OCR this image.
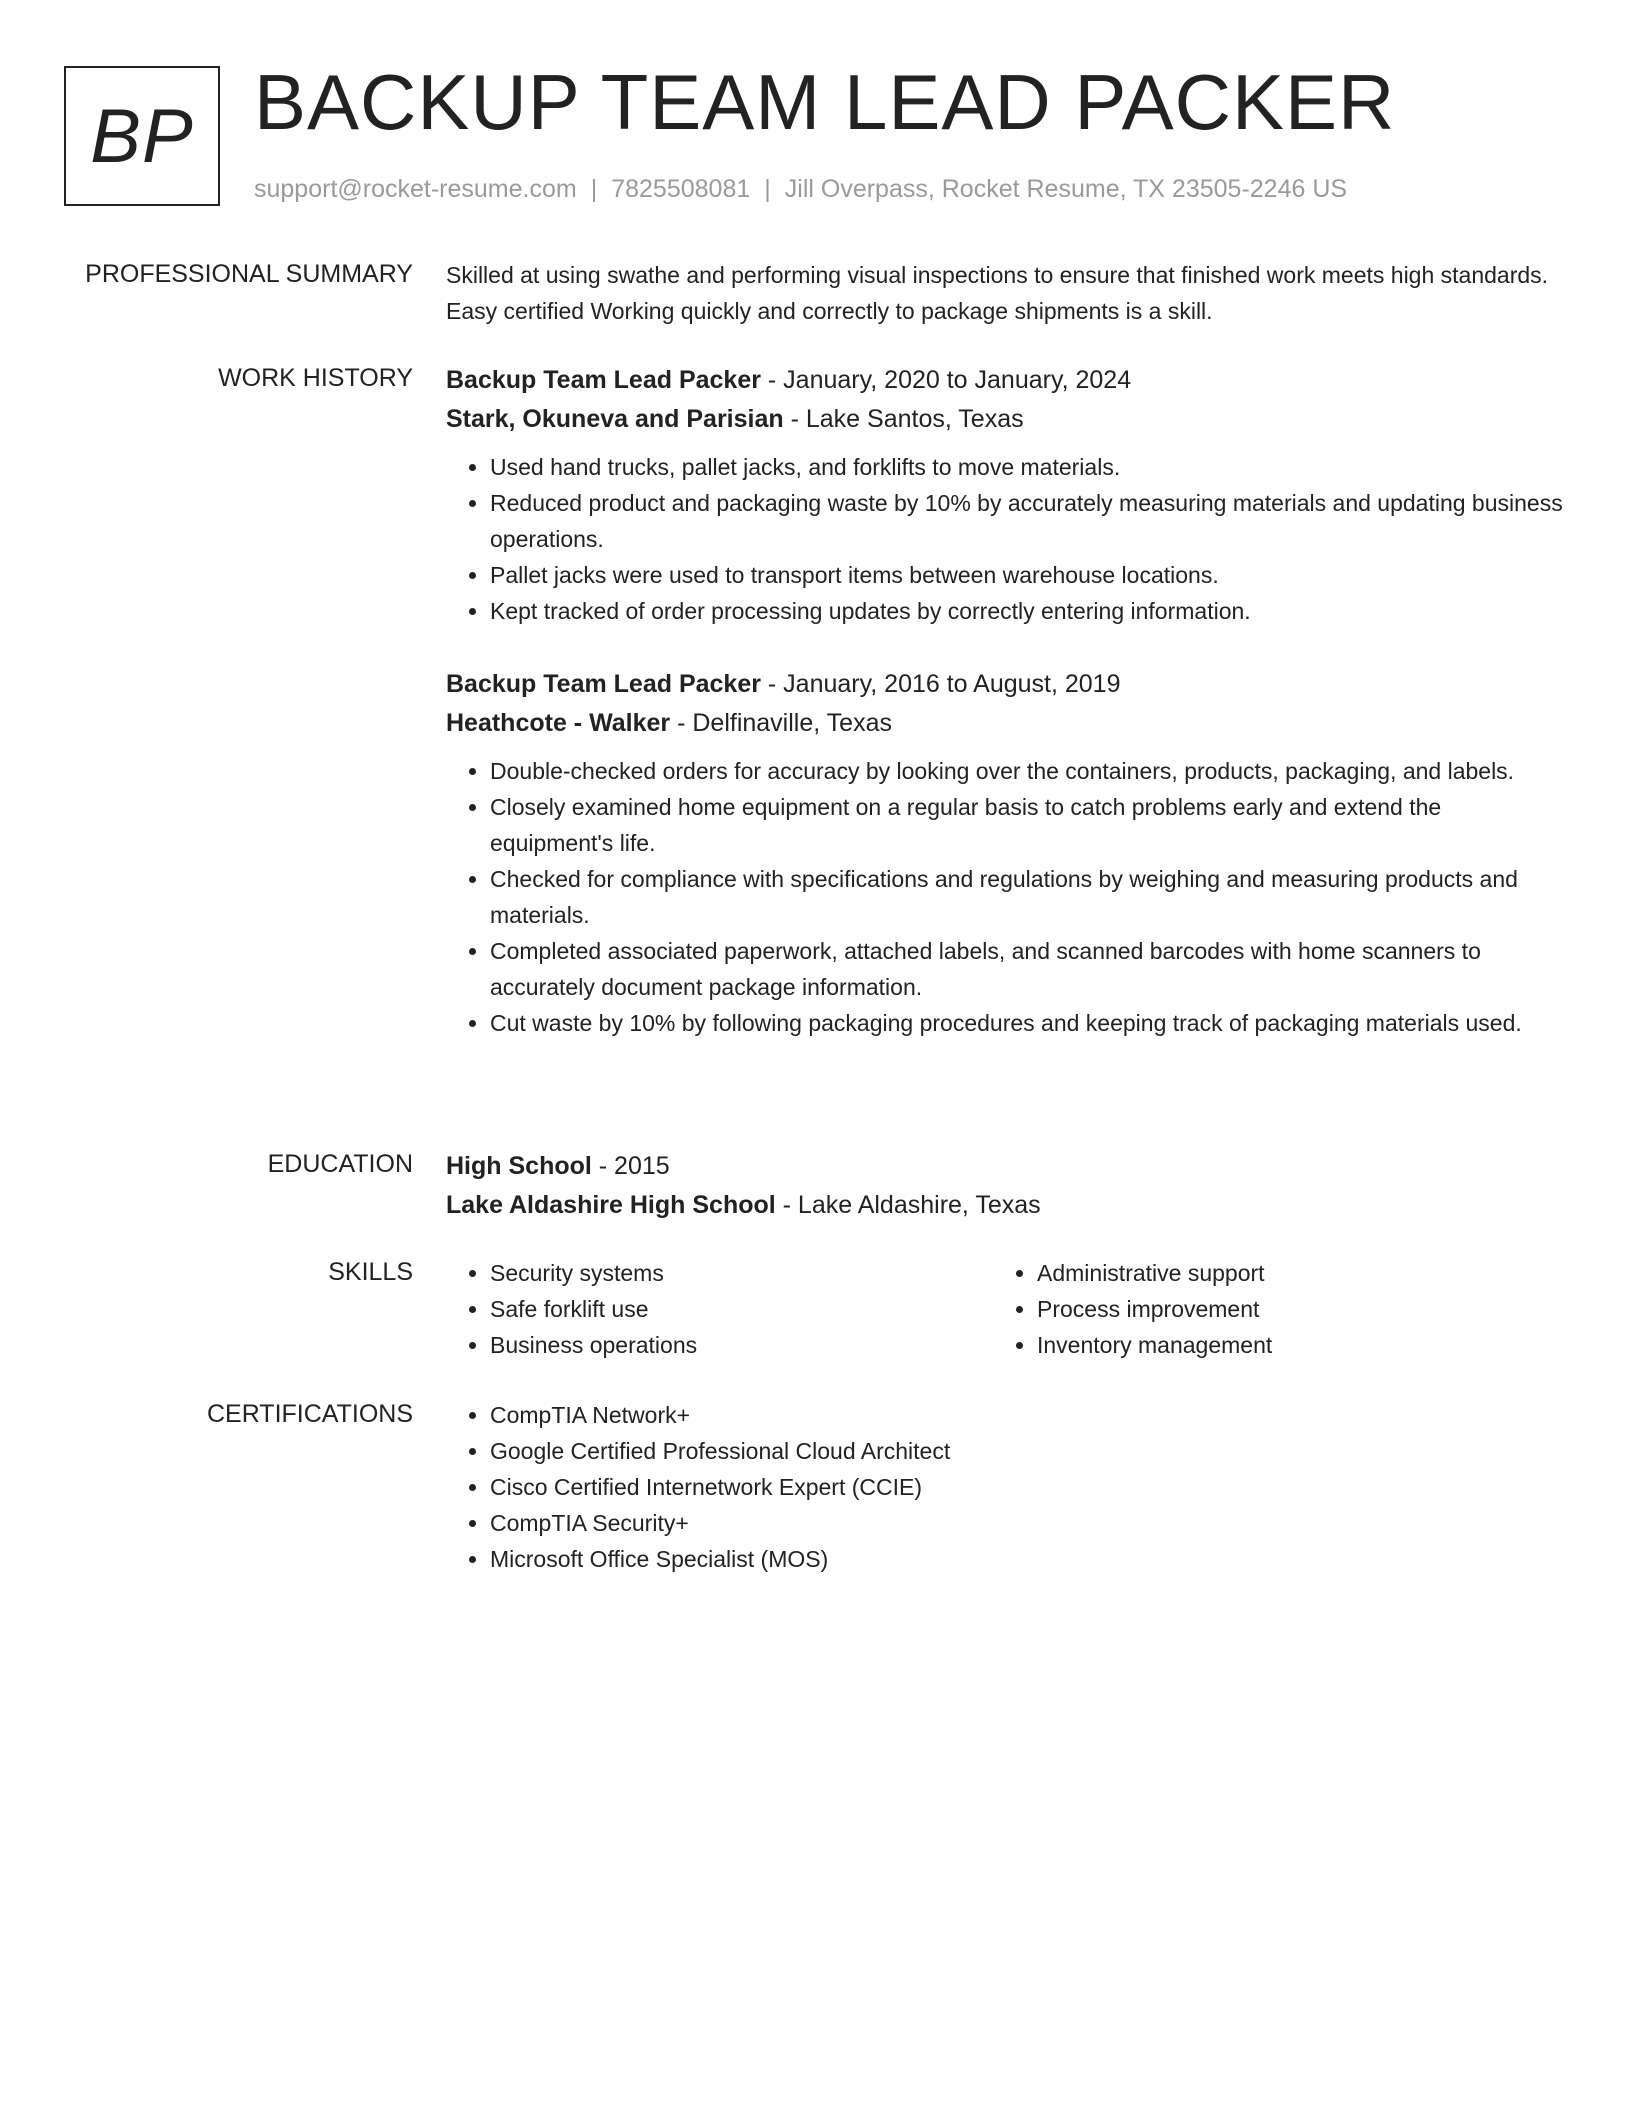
BP BACKUP TEAM LEAD PACKER
support@rocket-resume.com | 7825508081 | Jill Overpass, Rocket Resume, TX 23505-2246 US
PROFESSIONAL SUMMARY Skilled at using swathe and performing visual inspections to ensure that finished work meets high standards. Easy certified Working quickly and correctly to package shipments is a skill.
WORK HISTORY Backup Team Lead Packer - January, 2020 to January, 2024
Stark, Okuneva and Parisian - Lake Santos, Texas
• Used hand trucks, pallet jacks, and forklifts to move materials.
• Reduced product and packaging waste by 10% by accurately measuring materials and updating business operations.
• Pallet jacks were used to transport items between warehouse locations.
• Kept tracked of order processing updates by correctly entering information.
Backup Team Lead Packer - January, 2016 to August, 2019
Heathcote - Walker - Delfinaville, Texas
• Double-checked orders for accuracy by looking over the containers, products, packaging, and labels.
• Closely examined home equipment on a regular basis to catch problems early and extend the equipment's life.
• Checked for compliance with specifications and regulations by weighing and measuring products and materials.
• Completed associated paperwork, attached labels, and scanned barcodes with home scanners to accurately document package information.
• Cut waste by 10% by following packaging procedures and keeping track of packaging materials used.
EDUCATION High School - 2015
Lake Aldashire High School - Lake Aldashire, Texas
SKILLS	• Security systems
• Safe forklift use
• Business operations
• Administrative support
• Process improvement
• Inventory management
CERTIFICATIONS	• CompTIA Network+
• Google Certified Professional Cloud Architect
• Cisco Certified Internetwork Expert (CCIE)
• CompTIA Security+
• Microsoft Office Specialist (MOS)
